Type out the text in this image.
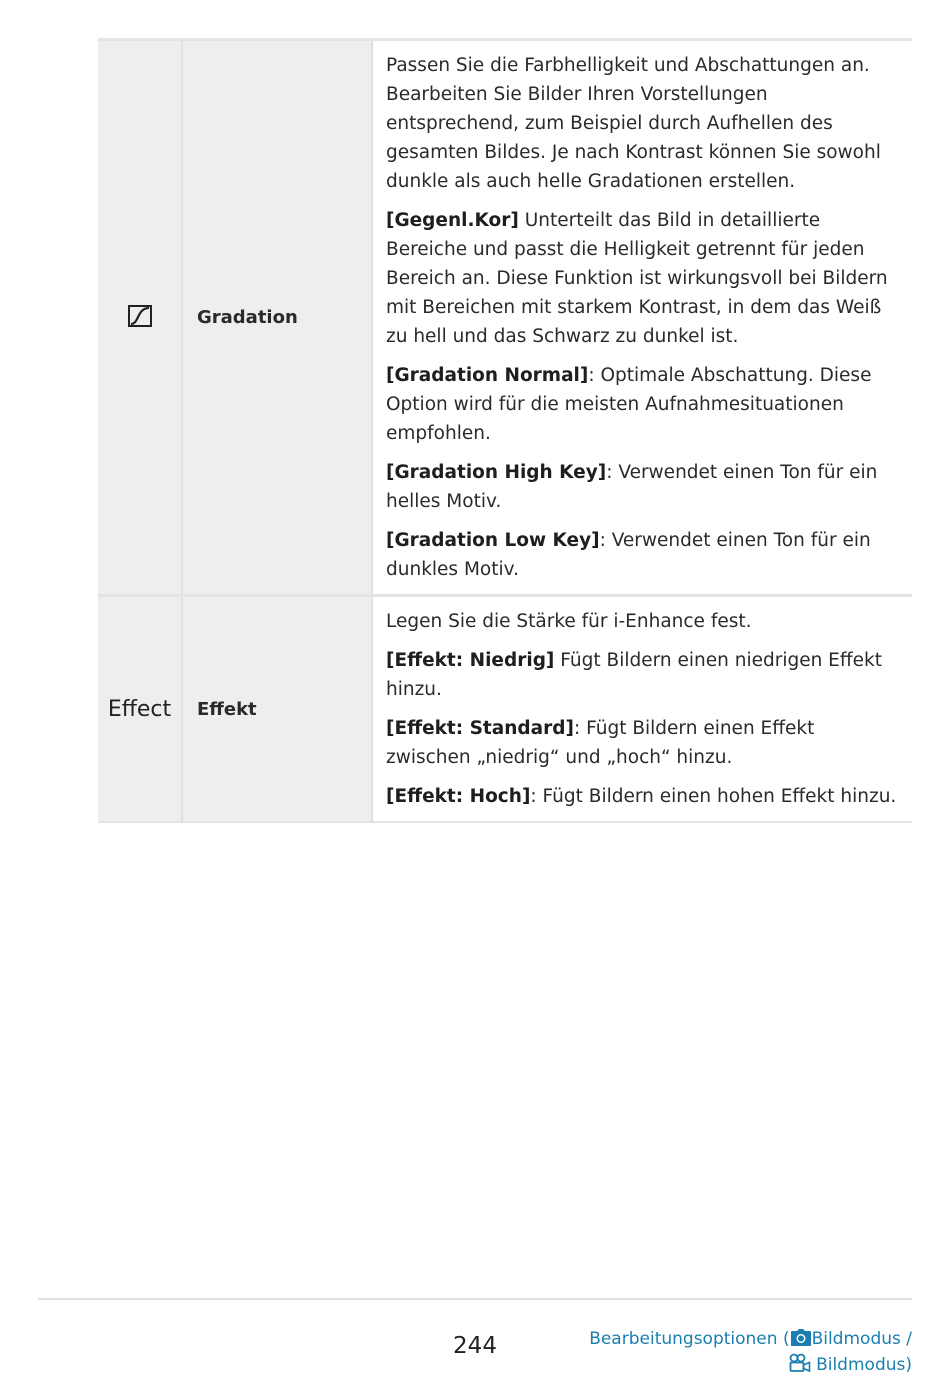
	Gradation	Passen Sie die Farbhelligkeit und Abschattungen an. Bearbeiten Sie Bilder Ihren Vorstellungen entsprechend, zum Beispiel durch Aufhellen des gesamten Bildes. Je nach Kontrast können Sie sowohl dunkle als auch helle Gradationen erstellen.

[Gegenl.Kor] Unterteilt das Bild in detaillierte Bereiche und passt die Helligkeit getrennt für jeden Bereich an. Diese Funktion ist wirkungsvoll bei Bildern mit Bereichen mit starkem Kontrast, in dem das Weiß zu hell und das Schwarz zu dunkel ist.

[Gradation Normal]: Optimale Abschattung. Diese Option wird für die meisten Aufnahmesituationen empfohlen.

[Gradation High Key]: Verwendet einen Ton für ein helles Motiv.

[Gradation Low Key]: Verwendet einen Ton für ein dunkles Motiv.

Effect	Effekt	Legen Sie die Stärke für i-Enhance fest.

[Effekt: Niedrig] Fügt Bildern einen niedrigen Effekt hinzu.

[Effekt: Standard]: Fügt Bildern einen Effekt zwischen „niedrig“ und „hoch“ hinzu.

[Effekt: Hoch]: Fügt Bildern einen hohen Effekt hinzu.

244	Bearbeitungsoptionen ( Bildmodus /
Bildmodus)
